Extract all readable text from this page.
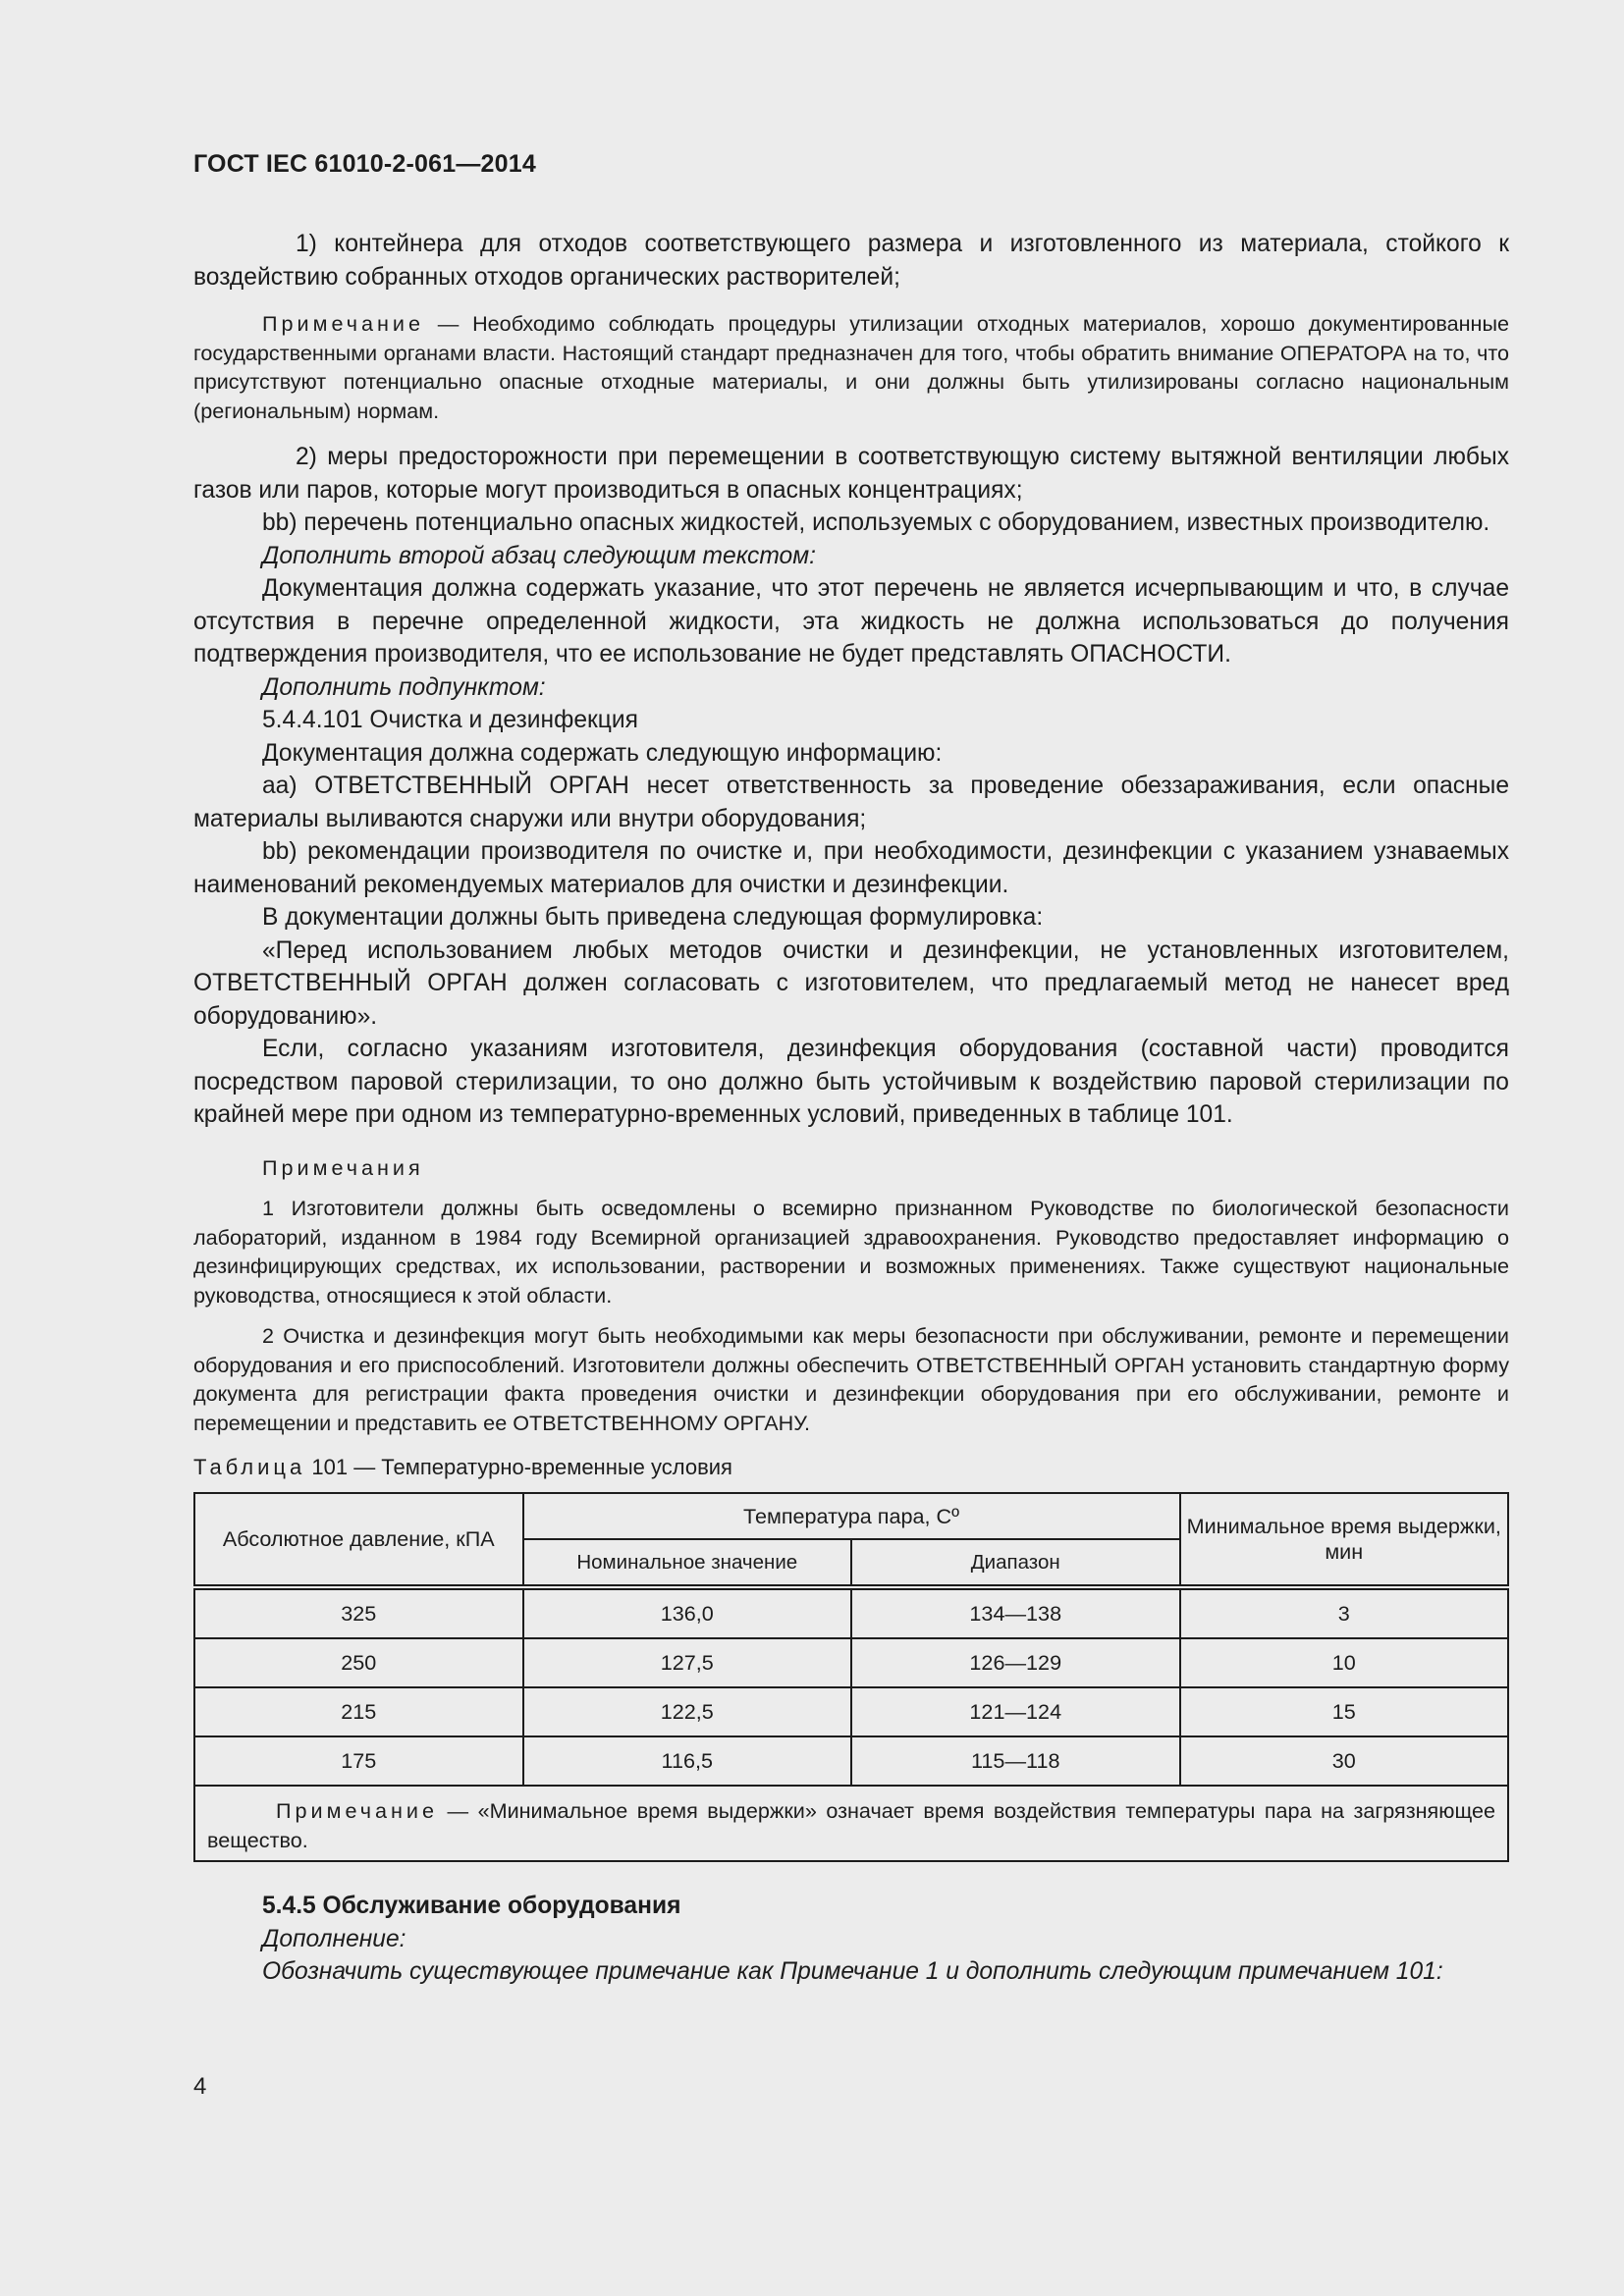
ГОСТ IEC 61010-2-061—2014

1) контейнера для отходов соответствующего размера и изготовленного из материала, стойкого к воздействию собранных отходов органических растворителей;

Примечание — Необходимо соблюдать процедуры утилизации отходных материалов, хорошо документированные государственными органами власти. Настоящий стандарт предназначен для того, чтобы обратить внимание ОПЕРАТОРА на то, что присутствуют потенциально опасные отходные материалы, и они должны быть утилизированы согласно национальным (региональным) нормам.

2) меры предосторожности при перемещении в соответствующую систему вытяжной вентиляции любых газов или паров, которые могут производиться в опасных концентрациях;

bb) перечень потенциально опасных жидкостей, используемых с оборудованием, известных производителю.

Дополнить второй абзац следующим текстом:

Документация должна содержать указание, что этот перечень не является исчерпывающим и что, в случае отсутствия в перечне определенной жидкости, эта жидкость не должна использоваться до получения подтверждения производителя, что ее использование не будет представлять ОПАСНОСТИ.

Дополнить подпунктом:

5.4.4.101 Очистка и дезинфекция

Документация должна содержать следующую информацию:

aa) ОТВЕТСТВЕННЫЙ ОРГАН несет ответственность за проведение обеззараживания, если опасные материалы выливаются снаружи или внутри оборудования;

bb) рекомендации производителя по очистке и, при необходимости, дезинфекции с указанием узнаваемых наименований рекомендуемых материалов для очистки и дезинфекции.

В документации должны быть приведена следующая формулировка:

«Перед использованием любых методов очистки и дезинфекции, не установленных изготовителем, ОТВЕТСТВЕННЫЙ ОРГАН должен согласовать с изготовителем, что предлагаемый метод не нанесет вред оборудованию».

Если, согласно указаниям изготовителя, дезинфекция оборудования (составной части) проводится посредством паровой стерилизации, то оно должно быть устойчивым к воздействию паровой стерилизации по крайней мере при одном из температурно-временных условий, приведенных в таблице 101.

Примечания

1 Изготовители должны быть осведомлены о всемирно признанном Руководстве по биологической безопасности лабораторий, изданном в 1984 году Всемирной организацией здравоохранения. Руководство предоставляет информацию о дезинфицирующих средствах, их использовании, растворении и возможных применениях. Также существуют национальные руководства, относящиеся к этой области.

2 Очистка и дезинфекция могут быть необходимыми как меры безопасности при обслуживании, ремонте и перемещении оборудования и его приспособлений. Изготовители должны обеспечить ОТВЕТСТВЕННЫЙ ОРГАН установить стандартную форму документа для регистрации факта проведения очистки и дезинфекции оборудования при его обслуживании, ремонте и перемещении и представить ее ОТВЕТСТВЕННОМУ ОРГАНУ.

Таблица 101 — Температурно-временные условия
Абсолютное давление, кПА	Температура пара, Cº		Минимальное время выдержки, мин
	Номинальное значение	Диапазон	
325	136,0	134—138	3
250	127,5	126—129	10
215	122,5	121—124	15
175	116,5	115—118	30
Примечание — «Минимальное время выдержки» означает время воздействия температуры пара на загрязняющее вещество.			

5.4.5 Обслуживание оборудования

Дополнение:

Обозначить существующее примечание как Примечание 1 и дополнить следующим примечанием 101:

4
